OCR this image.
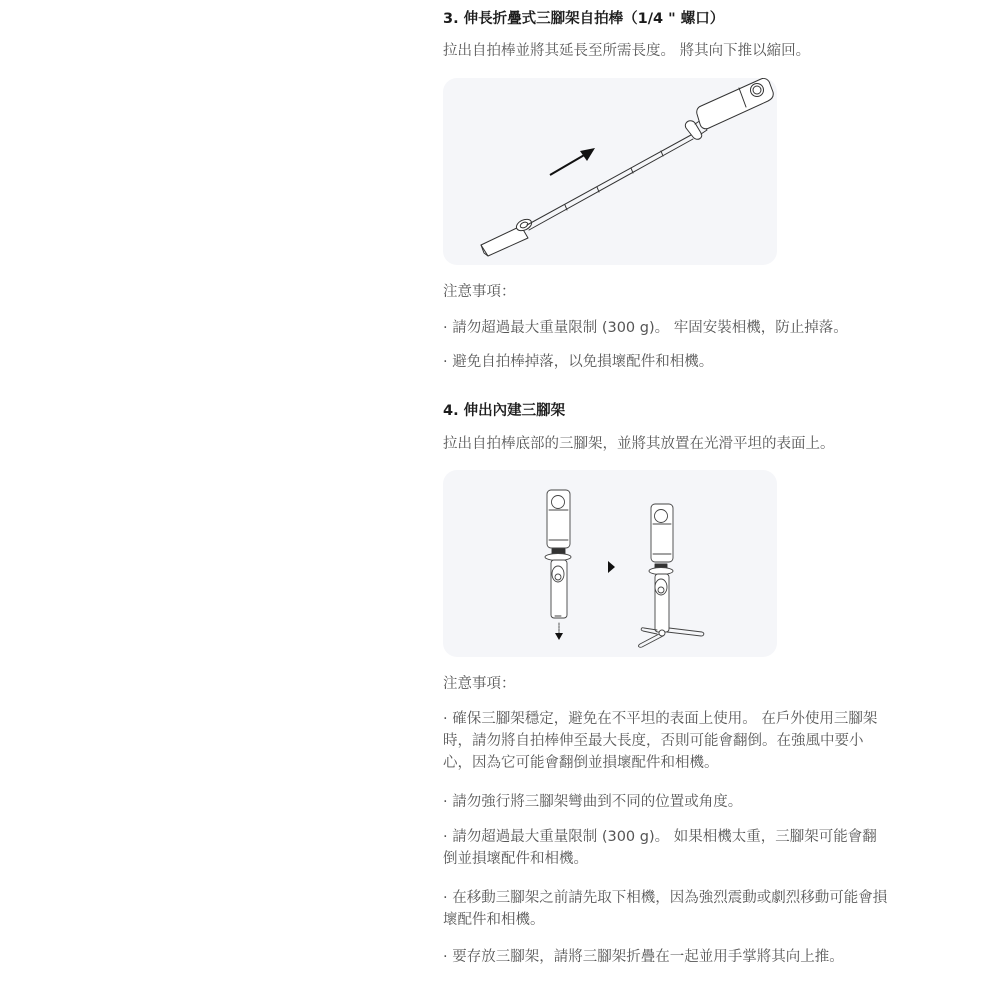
3. 伸長折疊式三腳架自拍棒（1/4 " 螺口）

拉出自拍棒並將其延長至所需長度。 將其向下推以縮回。

注意事項：

· 請勿超過最大重量限制 (300 g)。 牢固安裝相機，防止掉落。

· 避免自拍棒掉落，以免損壞配件和相機。

4. 伸出內建三腳架

拉出自拍棒底部的三腳架，並將其放置在光滑平坦的表面上。

注意事項：

· 確保三腳架穩定，避免在不平坦的表面上使用。 在戶外使用三腳架時，請勿將自拍棒伸至最大長度，否則可能會翻倒。在強風中要小心，因為它可能會翻倒並損壞配件和相機。

· 請勿強行將三腳架彎曲到不同的位置或角度。

· 請勿超過最大重量限制 (300 g)。 如果相機太重，三腳架可能會翻倒並損壞配件和相機。

· 在移動三腳架之前請先取下相機，因為強烈震動或劇烈移動可能會損壞配件和相機。

· 要存放三腳架，請將三腳架折疊在一起並用手掌將其向上推。
